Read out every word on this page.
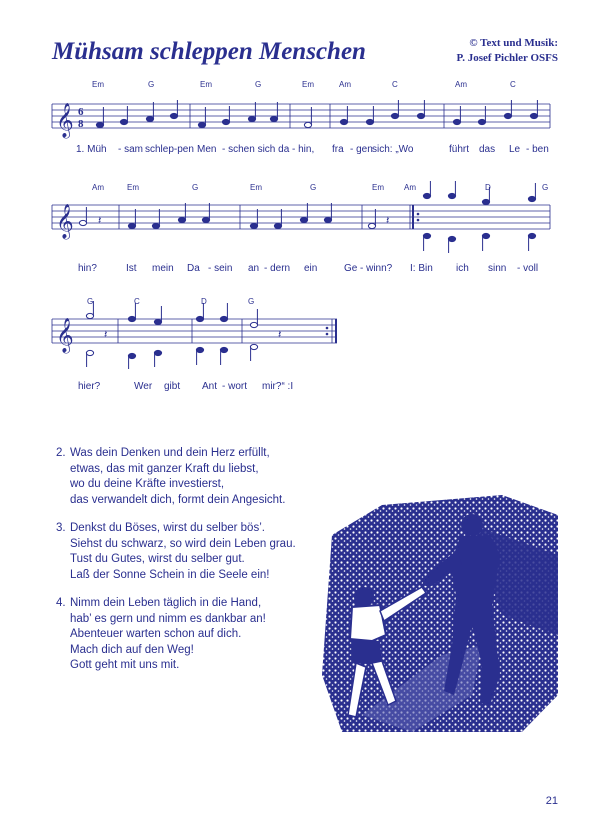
Mühsam schleppen Menschen	© Text und Musik:
P. Josef Pichler OSFS
Em	G	Em	G	Em	Am	C	Am	C
𝄞 6
8
1. Müh - sam schlep-pen Men - schen sich da - hin, fra - gen sich: „Wo	führt das Le - ben
Am	Em	G	Em	G	Em	Am	D	G
𝄞 𝄽	𝄽
hin?	Ist mein Da - sein an - dern ein	Ge - winn? I: Bin ich sinn - voll
G	C	D	G
𝄞	𝄽	𝄽
hier?	Wer gibt Ant - wort mir?“ :I
2. Was dein Denken und dein Herz erfüllt,
etwas, das mit ganzer Kraft du liebst,
wo du deine Kräfte investierst,
das verwandelt dich, formt dein Angesicht.
3. Denkst du Böses, wirst du selber bös’.
Siehst du schwarz, so wird dein Leben grau.
Tust du Gutes, wirst du selber gut.
Laß der Sonne Schein in die Seele ein!
4. Nimm dein Leben täglich in die Hand,
hab’ es gern und nimm es dankbar an!
Abenteuer warten schon auf dich.
Mach dich auf den Weg!
Gott geht mit uns mit.
21
